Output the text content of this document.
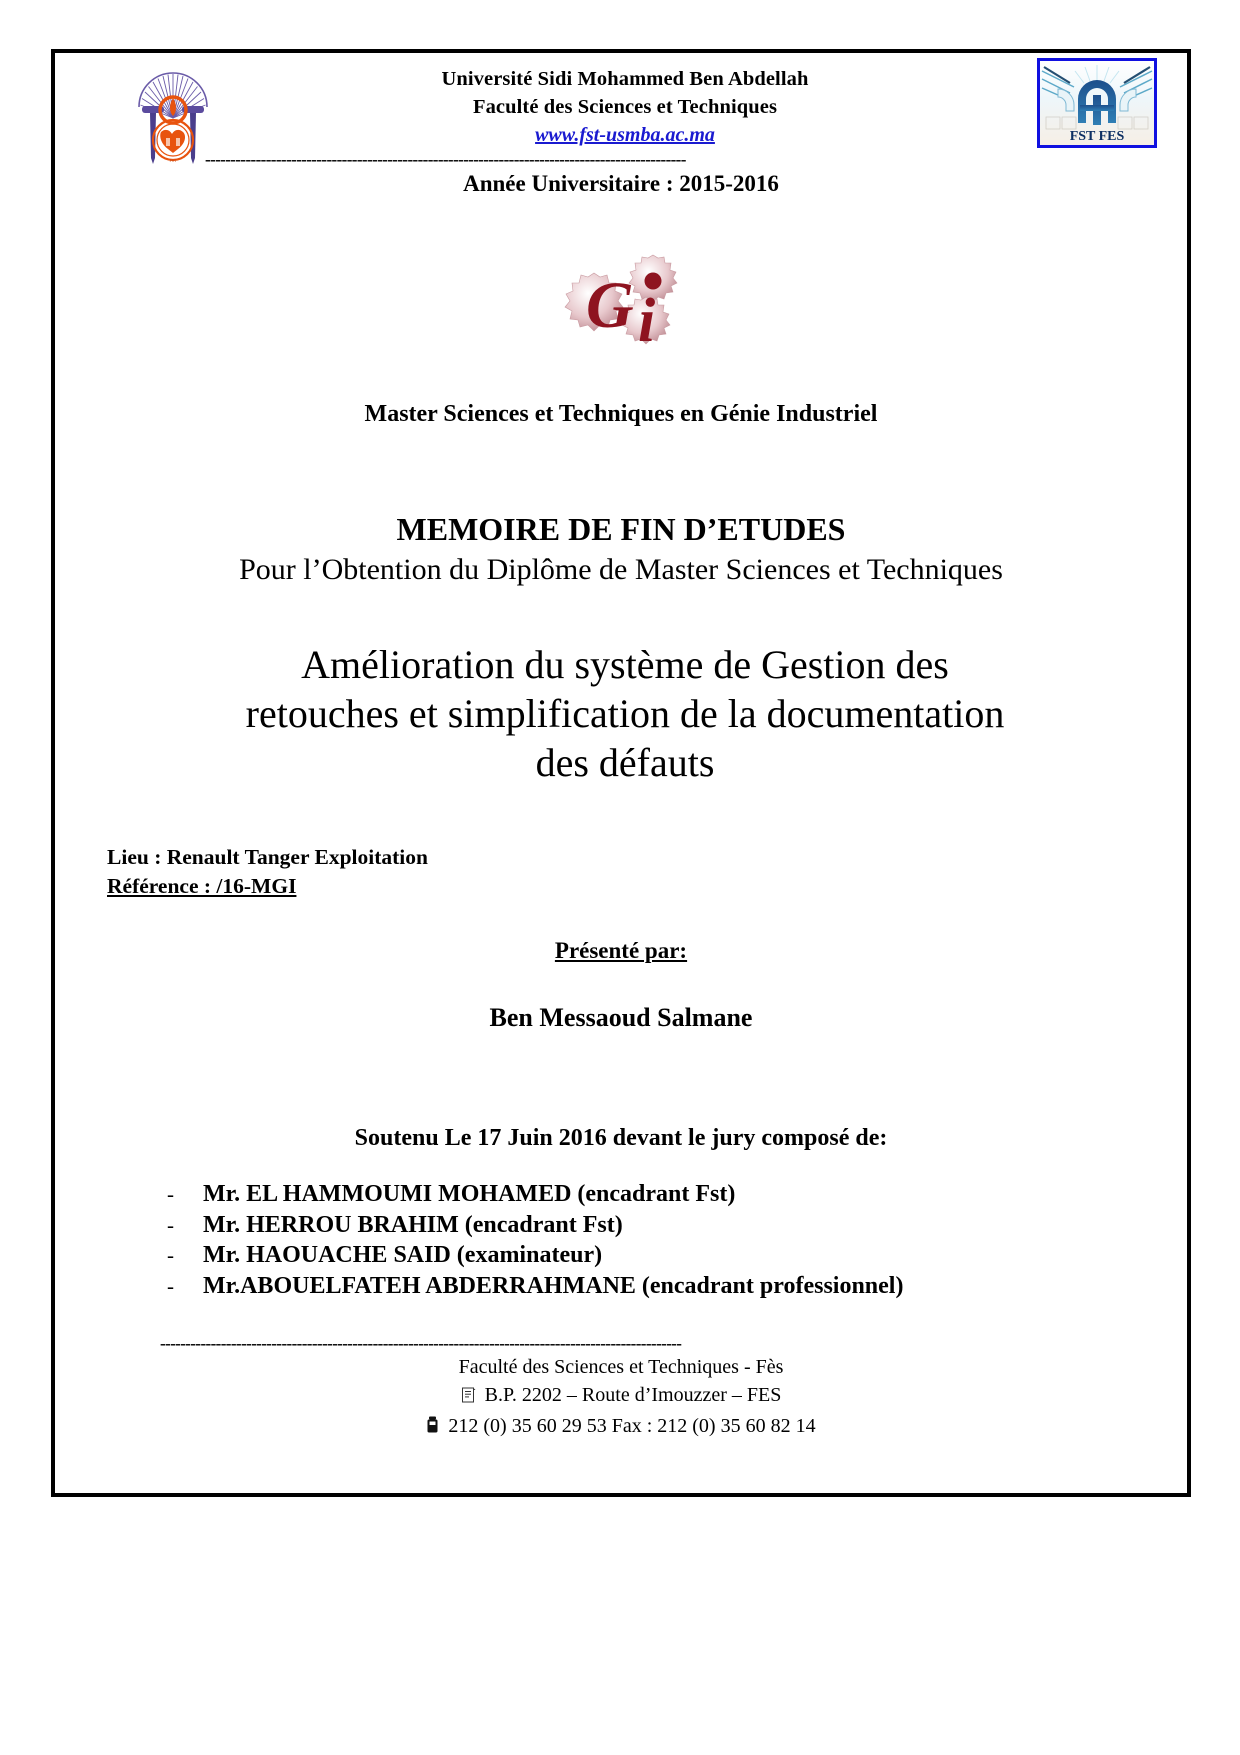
FST
Université Sidi Mohammed Ben Abdellah
Faculté des Sciences et Techniques
www.fst-usmba.ac.ma	FST FES
-----------------------------------------------------------------------------------------------
Année Universitaire : 2015-2016
G i
Master Sciences et Techniques en Génie Industriel
MEMOIRE DE FIN D’ETUDES
Pour l’Obtention du Diplôme de Master Sciences et Techniques
Amélioration du système de Gestion des
retouches et simplification de la documentation
des défauts
Lieu : Renault Tanger Exploitation
Référence : /16-MGI
Présenté par:
Ben Messaoud Salmane
Soutenu Le 17 Juin 2016 devant le jury composé de:
-	Mr. EL HAMMOUMI MOHAMED (encadrant Fst)
-	Mr. HERROU BRAHIM (encadrant Fst)
-	Mr. HAOUACHE SAID (examinateur)
-	Mr.ABOUELFATEH ABDERRAHMANE (encadrant professionnel)
-------------------------------------------------------------------------------------------------------
Faculté des Sciences et Techniques - Fès
B.P. 2202 – Route d’Imouzzer – FES
212 (0) 35 60 29 53 Fax : 212 (0) 35 60 82 14
